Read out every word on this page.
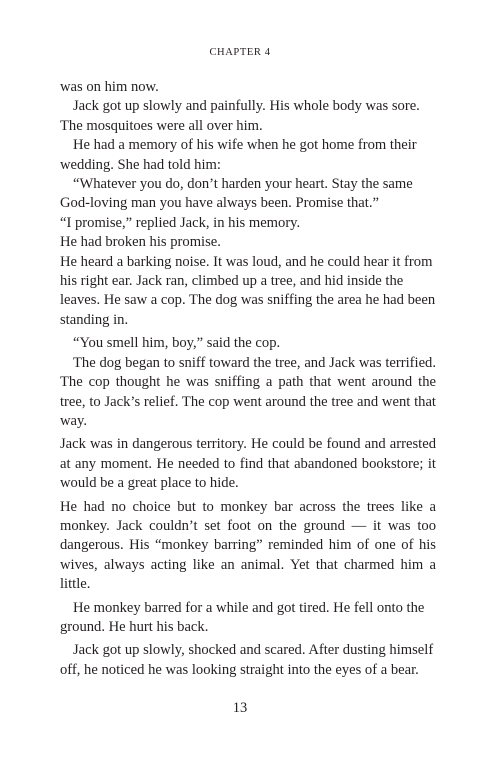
CHAPTER 4

was on him now.

Jack got up slowly and painfully. His whole body was sore. The mosquitoes were all over him.

He had a memory of his wife when he got home from their wedding. She had told him:

“Whatever you do, don’t harden your heart. Stay the same God-loving man you have always been. Promise that.”

“I promise,” replied Jack, in his memory.

He had broken his promise.

He heard a barking noise. It was loud, and he could hear it from his right ear. Jack ran, climbed up a tree, and hid inside the leaves. He saw a cop. The dog was sniffing the area he had been standing in.

“You smell him, boy,” said the cop.

The dog began to sniff toward the tree, and Jack was terrified. The cop thought he was sniffing a path that went around the tree, to Jack’s relief. The cop went around the tree and went that way.

Jack was in dangerous territory. He could be found and arrested at any moment. He needed to find that abandoned bookstore; it would be a great place to hide.

He had no choice but to monkey bar across the trees like a monkey. Jack couldn’t set foot on the ground — it was too dangerous. His “monkey barring” reminded him of one of his wives, always acting like an animal. Yet that charmed him a little.

He monkey barred for a while and got tired. He fell onto the ground. He hurt his back.

Jack got up slowly, shocked and scared. After dusting himself off, he noticed he was looking straight into the eyes of a bear.

13
